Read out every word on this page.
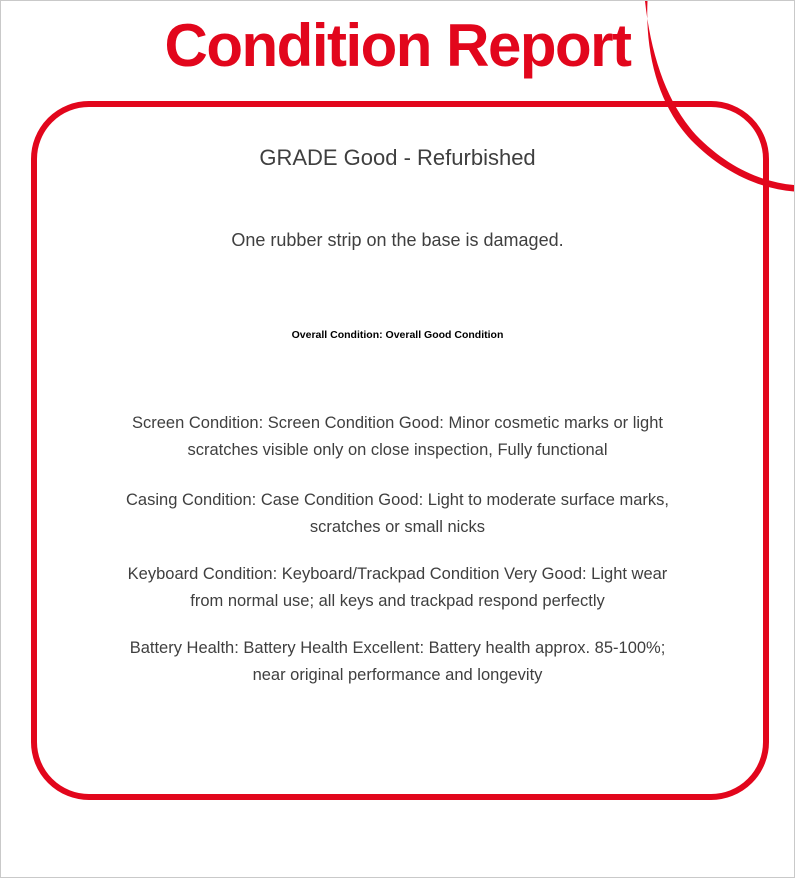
Condition Report
GRADE Good - Refurbished
One rubber strip on the base is damaged.
Overall Condition: Overall Good Condition
Screen Condition: Screen Condition Good: Minor cosmetic marks or light
scratches visible only on close inspection, Fully functional
Casing Condition: Case Condition Good: Light to moderate surface marks,
scratches or small nicks
Keyboard Condition: Keyboard/Trackpad Condition Very Good: Light wear
from normal use; all keys and trackpad respond perfectly
Battery Health: Battery Health Excellent: Battery health approx. 85-100%;
near original performance and longevity
